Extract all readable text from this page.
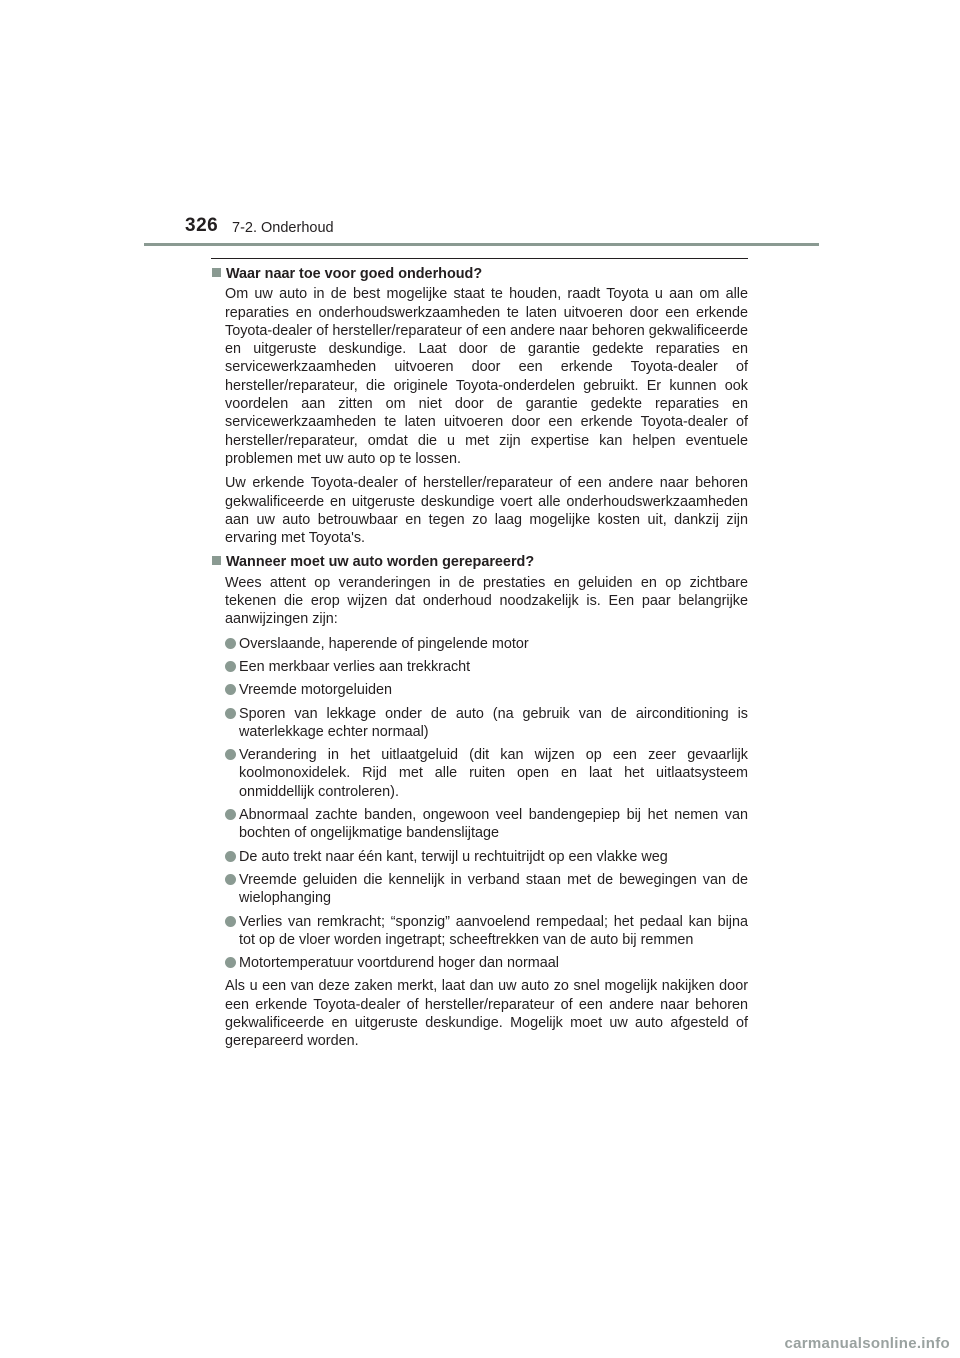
326 7-2. Onderhoud
Waar naar toe voor goed onderhoud?

Om uw auto in de best mogelijke staat te houden, raadt Toyota u aan om alle reparaties en onderhoudswerkzaamheden te laten uitvoeren door een erkende Toyota-dealer of hersteller/reparateur of een andere naar behoren gekwalificeerde en uitgeruste deskundige. Laat door de garantie gedekte reparaties en servicewerkzaamheden uitvoeren door een erkende Toyota-dealer of hersteller/reparateur, die originele Toyota-onderdelen gebruikt. Er kunnen ook voordelen aan zitten om niet door de garantie gedekte reparaties en servicewerkzaamheden te laten uitvoeren door een erkende Toyota-dealer of hersteller/reparateur, omdat die u met zijn expertise kan helpen eventuele problemen met uw auto op te lossen.

Uw erkende Toyota-dealer of hersteller/reparateur of een andere naar behoren gekwalificeerde en uitgeruste deskundige voert alle onderhoudswerkzaamheden aan uw auto betrouwbaar en tegen zo laag mogelijke kosten uit, dankzij zijn ervaring met Toyota's.

Wanneer moet uw auto worden gerepareerd?

Wees attent op veranderingen in de prestaties en geluiden en op zichtbare tekenen die erop wijzen dat onderhoud noodzakelijk is. Een paar belangrijke aanwijzingen zijn:

Overslaande, haperende of pingelende motor
Een merkbaar verlies aan trekkracht
Vreemde motorgeluiden
Sporen van lekkage onder de auto (na gebruik van de airconditioning is waterlekkage echter normaal)
Verandering in het uitlaatgeluid (dit kan wijzen op een zeer gevaarlijk koolmonoxidelek. Rijd met alle ruiten open en laat het uitlaatsysteem onmiddellijk controleren).
Abnormaal zachte banden, ongewoon veel bandengepiep bij het nemen van bochten of ongelijkmatige bandenslijtage
De auto trekt naar één kant, terwijl u rechtuitrijdt op een vlakke weg
Vreemde geluiden die kennelijk in verband staan met de bewegingen van de wielophanging
Verlies van remkracht; “sponzig” aanvoelend rempedaal; het pedaal kan bijna tot op de vloer worden ingetrapt; scheeftrekken van de auto bij remmen
Motortemperatuur voortdurend hoger dan normaal

Als u een van deze zaken merkt, laat dan uw auto zo snel mogelijk nakijken door een erkende Toyota-dealer of hersteller/reparateur of een andere naar behoren gekwalificeerde en uitgeruste deskundige. Mogelijk moet uw auto afgesteld of gerepareerd worden.

carmanualsonline.info
